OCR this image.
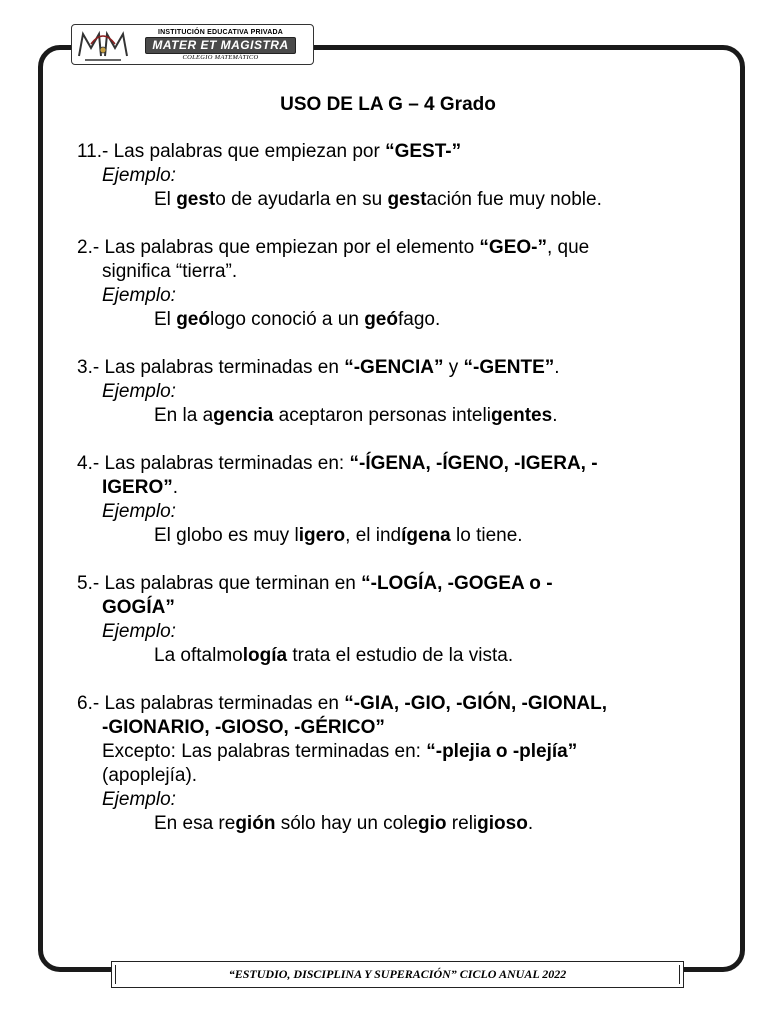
INSTITUCIÓN EDUCATIVA PRIVADA
MATER ET MAGISTRA
COLEGIO MATEMÁTICO
USO DE LA G – 4 Grado

11.- Las palabras que empiezan por “GEST-”

Ejemplo:

El gesto de ayudarla en su gestación fue muy noble.

2.- Las palabras que empiezan por el elemento “GEO-”, que

significa “tierra”.

Ejemplo:

El geólogo conoció a un geófago.

3.- Las palabras terminadas en “-GENCIA” y “-GENTE”.

Ejemplo:

En la agencia aceptaron personas inteligentes.

4.- Las palabras terminadas en: “-ÍGENA, -ÍGENO, -IGERA, -

IGERO”.

Ejemplo:

El globo es muy ligero, el indígena lo tiene.

5.- Las palabras que terminan en “-LOGÍA, -GOGEA o -

GOGÍA”

Ejemplo:

La oftalmología trata el estudio de la vista.

6.- Las palabras terminadas en “-GIA, -GIO, -GIÓN, -GIONAL,

-GIONARIO, -GIOSO, -GÉRICO”

Excepto: Las palabras terminadas en: “-plejia o -plejía”

(apoplejía).

Ejemplo:

En esa región sólo hay un colegio religioso.

“ESTUDIO, DISCIPLINA Y SUPERACIÓN” CICLO ANUAL 2022
